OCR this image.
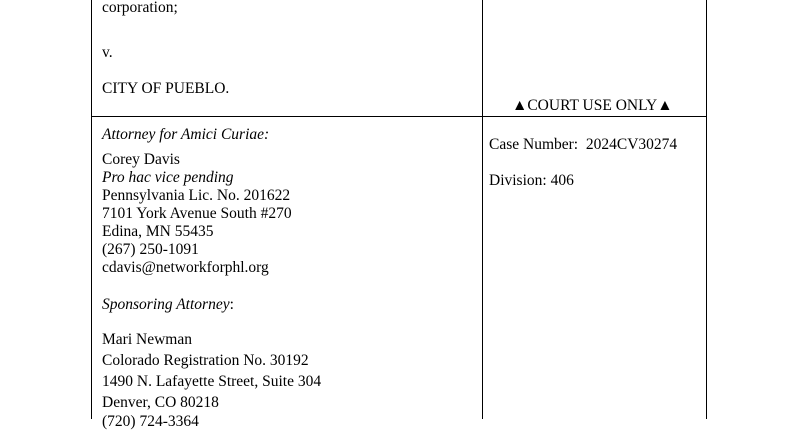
corporation;
v.
CITY OF PUEBLO.
▲COURT USE ONLY▲
Attorney for Amici Curiae:
Corey Davis
Pro hac vice pending
Pennsylvania Lic. No. 201622
7101 York Avenue South #270
Edina, MN 55435
(267) 250-1091
cdavis@networkforphl.org
Sponsoring Attorney:
Mari Newman
Colorado Registration No. 30192
1490 N. Lafayette Street, Suite 304
Denver, CO 80218
(720) 724-3364
Case Number: 2024CV30274
Division: 406
